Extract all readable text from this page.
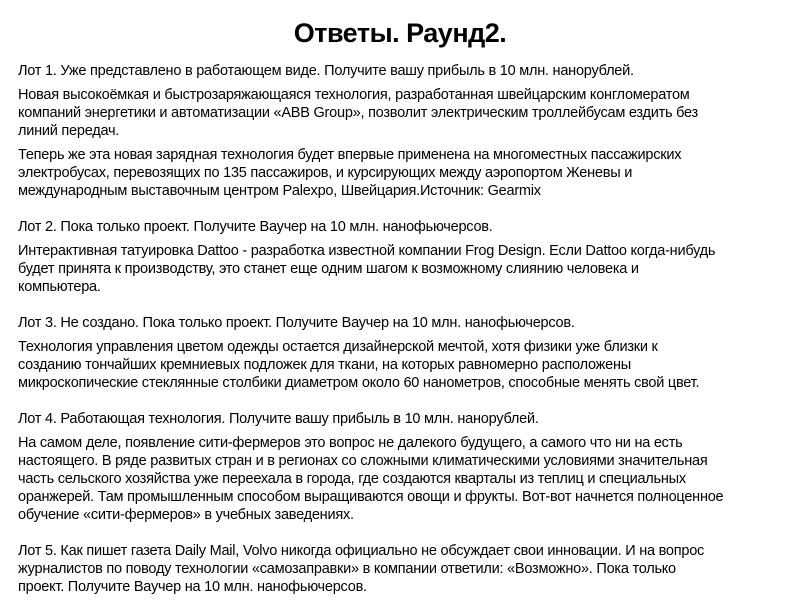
Ответы. Раунд2.
Лот 1. Уже представлено в работающем виде. Получите вашу прибыль в 10 млн. нанорублей.
Новая высокоёмкая и быстрозаряжающаяся технология, разработанная швейцарским конгломератом
компаний энергетики и автоматизации «ABB Group», позволит электрическим троллейбусам ездить без
линий передач.
Теперь же эта новая зарядная технология будет впервые применена на многоместных пассажирских
электробусах, перевозящих по 135 пассажиров, и курсирующих между аэропортом Женевы и
международным выставочным центром Palexpo, Швейцария.Источник: Gearmix
Лот 2. Пока только проект. Получите Ваучер на 10 млн. нанофьючерсов.
Интерактивная татуировка Dattoo - разработка известной компании Frog Design. Если Dattoo когда-нибудь
будет принята к производству, это станет еще одним шагом к возможному слиянию человека и
компьютера.
Лот 3. Не создано. Пока только проект. Получите Ваучер на 10 млн. нанофьючерсов.
Технология управления цветом одежды остается дизайнерской мечтой, хотя физики уже близки к
созданию тончайших кремниевых подложек для ткани, на которых равномерно расположены
микроскопические стеклянные столбики диаметром около 60 нанометров, способные менять свой цвет.
Лот 4. Работающая технология. Получите вашу прибыль в 10 млн. нанорублей.
На самом деле, появление сити-фермеров это вопрос не далекого будущего, а самого что ни на есть
настоящего. В ряде развитых стран и в регионах со сложными климатическими условиями значительная
часть сельского хозяйства уже переехала в города, где создаются кварталы из теплиц и специальных
оранжерей. Там промышленным способом выращиваются овощи и фрукты. Вот-вот начнется полноценное
обучение «сити-фермеров» в учебных заведениях.
Лот 5. Как пишет газета Daily Mail, Volvo никогда официально не обсуждает свои инновации. И на вопрос
журналистов по поводу технологии «самозаправки» в компании ответили: «Возможно». Пока только
проект. Получите Ваучер на 10 млн. нанофьючерсов.
